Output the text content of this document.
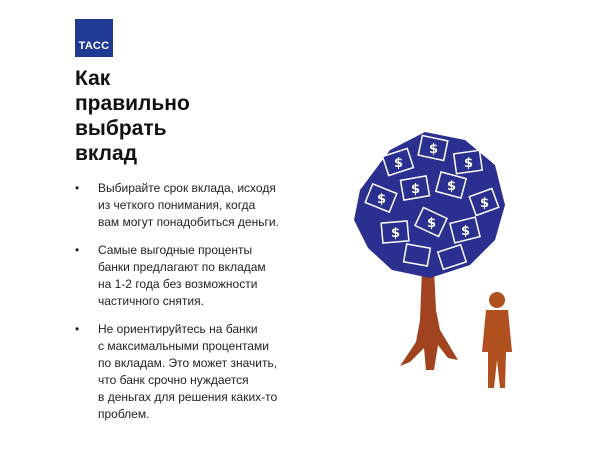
ТАСС
Как
правильно
выбрать
вклад
• Выбирайте срок вклада, исходя
из четкого понимания, когда
вам могут понадобиться деньги.
• Самые выгодные проценты
банки предлагают по вкладам
на 1-2 года без возможности
частичного снятия.
• Не ориентируйтесь на банки
с максимальными процентами
по вкладам. Это может значить,
что банк срочно нуждается
в деньгах для решения каких-то
проблем.
$
$
$
$
$ $
$
$
$
$
